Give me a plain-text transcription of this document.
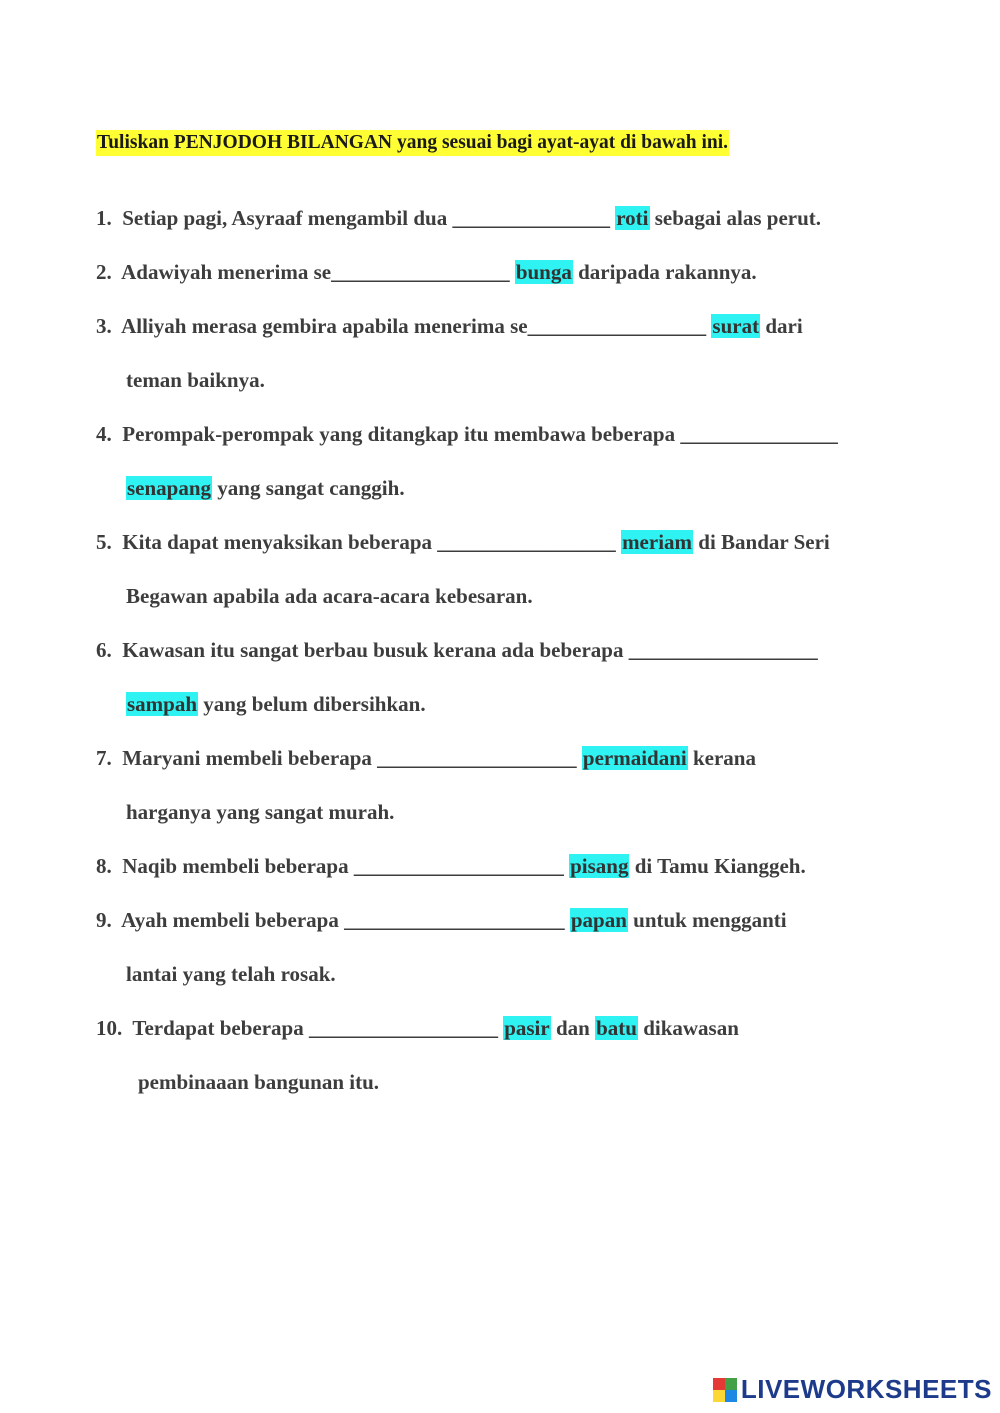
Tuliskan PENJODOH BILANGAN yang sesuai bagi ayat-ayat di bawah ini.
1. Setiap pagi, Asyraaf mengambil dua _______________ roti sebagai alas perut.
2. Adawiyah menerima se_________________ bunga daripada rakannya.
3. Alliyah merasa gembira apabila menerima se_________________ surat dari
teman baiknya.
4. Perompak-perompak yang ditangkap itu membawa beberapa _______________
senapang yang sangat canggih.
5. Kita dapat menyaksikan beberapa _________________ meriam di Bandar Seri
Begawan apabila ada acara-acara kebesaran.
6. Kawasan itu sangat berbau busuk kerana ada beberapa __________________
sampah yang belum dibersihkan.
7. Maryani membeli beberapa ___________________ permaidani kerana
harganya yang sangat murah.
8. Naqib membeli beberapa ____________________ pisang di Tamu Kianggeh.
9. Ayah membeli beberapa _____________________ papan untuk mengganti
lantai yang telah rosak.
10. Terdapat beberapa __________________ pasir dan batu dikawasan
pembinaaan bangunan itu.
LIVEWORKSHEETS
